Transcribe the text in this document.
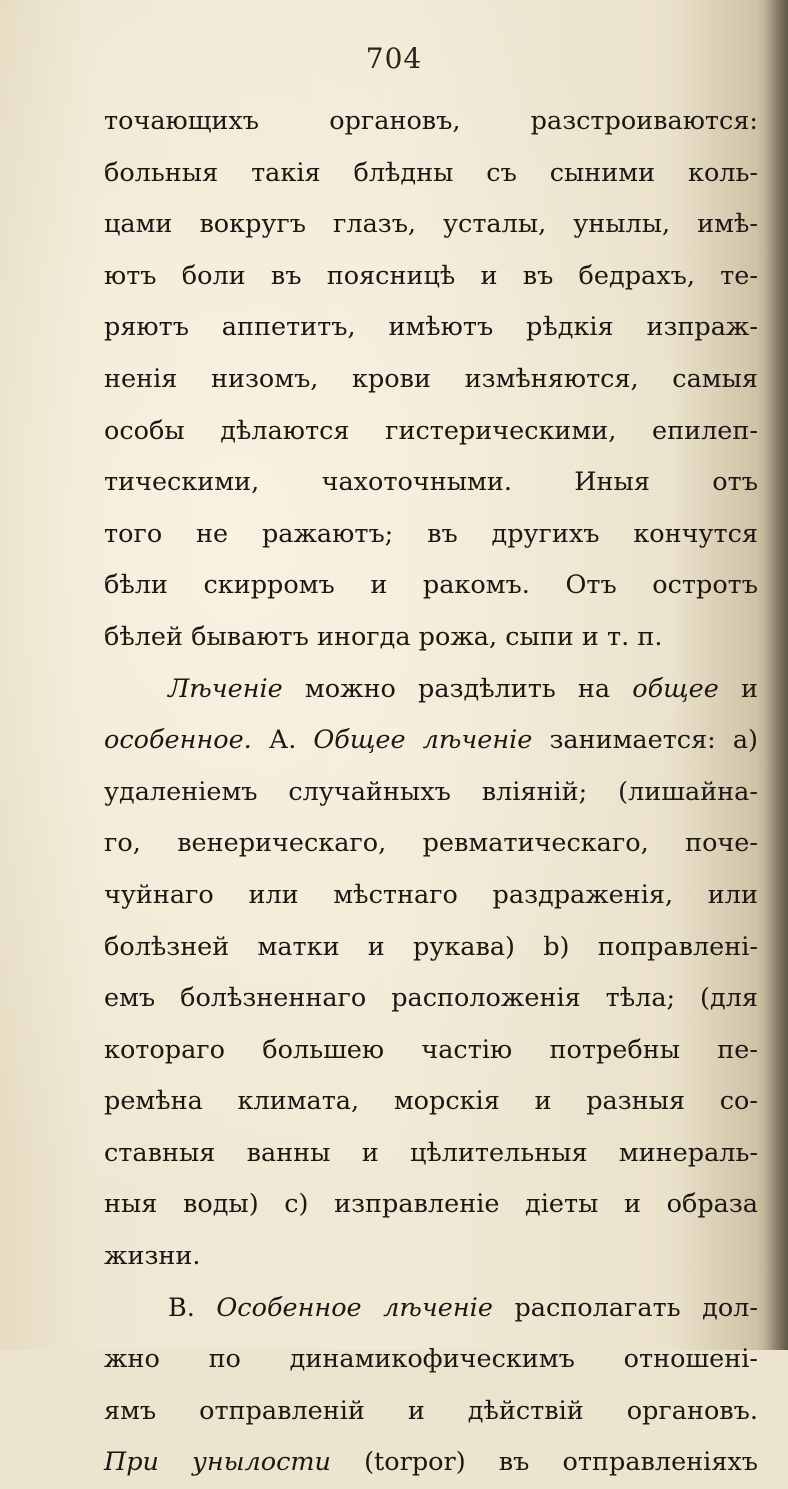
704
точающихъ органовъ, разстроиваются:
больныя такія блѣдны съ сыними коль-
цами вокругъ глазъ, усталы, унылы, имѣ-
ютъ боли въ поясницѣ и въ бедрахъ, те-
ряютъ аппетитъ, имѣютъ рѣдкія изпраж-
ненія низомъ, крови измѣняются, самыя
особы дѣлаются гистерическими, епилеп-
тическими, чахоточными. Иныя отъ
того не ражаютъ; въ другихъ кончутся
бѣли скирромъ и ракомъ. Отъ остротъ
бѣлей бываютъ иногда рожа, сыпи и т. п.
Лѣченіе можно раздѣлить на общее и
особенное. А. Общее лѣченіе занимается: а)
удаленіемъ случайныхъ вліяній; (лишайна-
го, венерическаго, ревматическаго, поче-
чуйнаго или мѣстнаго раздраженія, или
болѣзней матки и рукава) b) поправлені-
емъ болѣзненнаго расположенія тѣла; (для
котораго большею частію потребны пе-
ремѣна климата, морскія и разныя со-
ставныя ванны и цѣлительныя минераль-
ныя воды) с) изправленіе діеты и образа
жизни.
В. Особенное лѣченіе располагать дол-
жно по динамикофическимъ отношені-
ямъ отправленій и дѣйствій органовъ.
При унылости (torpor) въ отправленіяхъ
